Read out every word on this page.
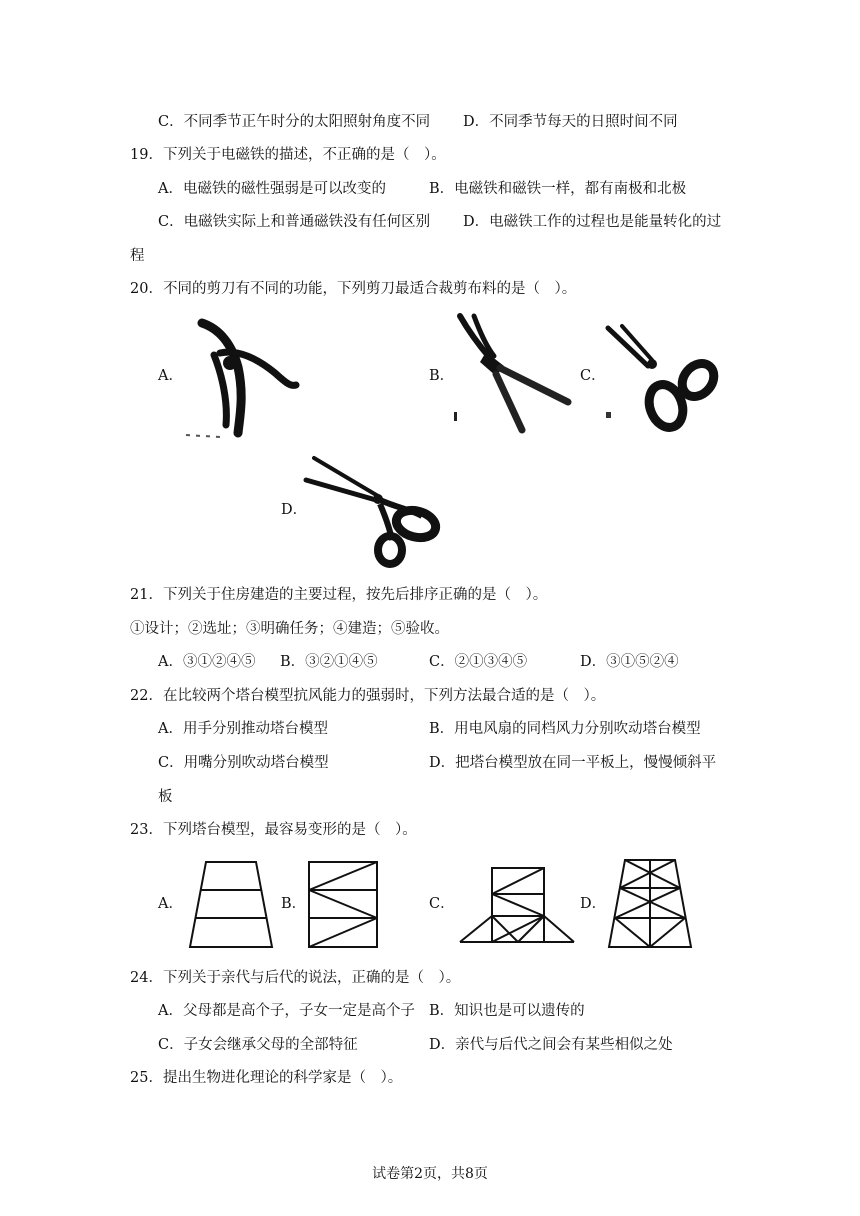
C．不同季节正午时分的太阳照射角度不同 D．不同季节每天的日照时间不同
19．下列关于电磁铁的描述，不正确的是（　）。
A．电磁铁的磁性强弱是可以改变的	B．电磁铁和磁铁一样，都有南极和北极
C．电磁铁实际上和普通磁铁没有任何区别 D．电磁铁工作的过程也是能量转化的过
程
20．不同的剪刀有不同的功能，下列剪刀最适合裁剪布料的是（　）。
A．	B．	C．
D．
21．下列关于住房建造的主要过程，按先后排序正确的是（　）。
①设计；②选址；③明确任务；④建造；⑤验收。
A．③①②④⑤ B．③②①④⑤	C．②①③④⑤	D．③①⑤②④
22．在比较两个塔台模型抗风能力的强弱时，下列方法最合适的是（　）。
A．用手分别推动塔台模型	B．用电风扇的同档风力分别吹动塔台模型
C．用嘴分别吹动塔台模型	D．把塔台模型放在同一平板上，慢慢倾斜平
板
23．下列塔台模型，最容易变形的是（　）。
A．	B．	C．	D．
24．下列关于亲代与后代的说法，正确的是（　）。
A．父母都是高个子，子女一定是高个子 B．知识也是可以遗传的
C．子女会继承父母的全部特征	D．亲代与后代之间会有某些相似之处
25．提出生物进化理论的科学家是（　）。
试卷第2页，共8页
